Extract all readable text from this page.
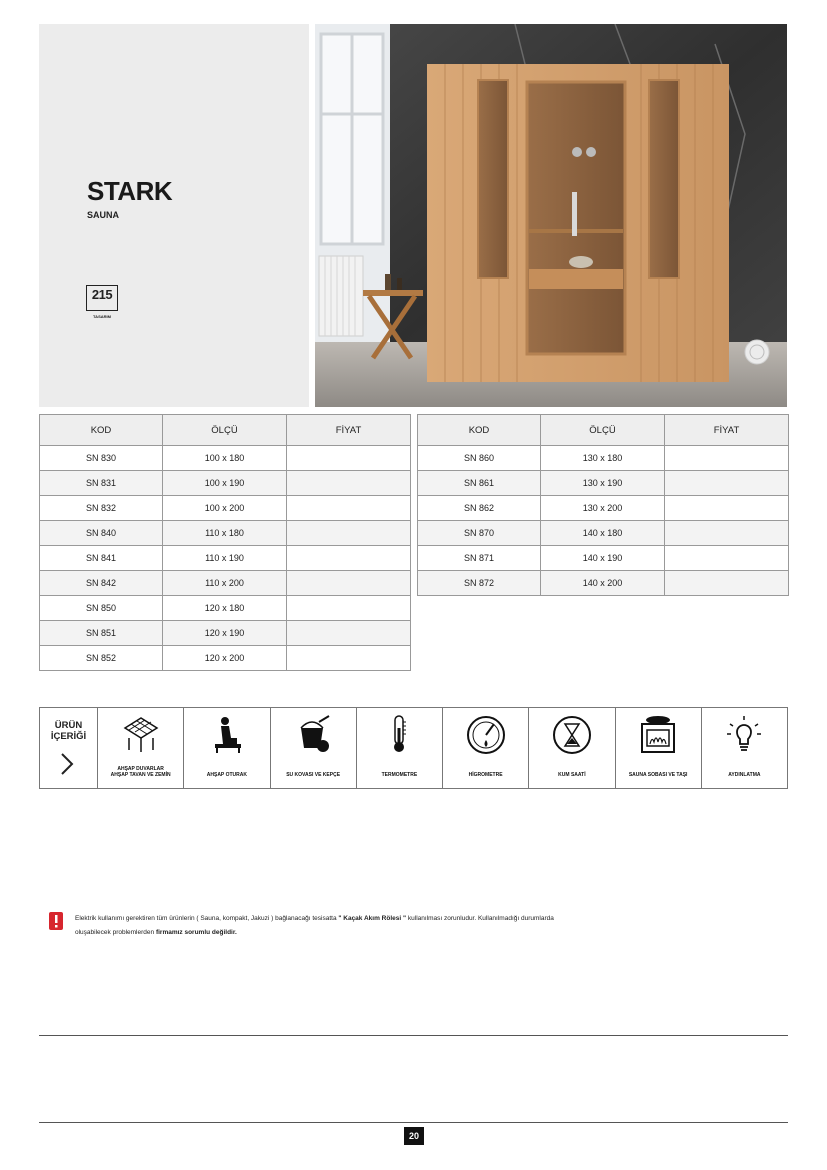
STARK
SAUNA
215
TASARIM
KOD	ÖLÇÜ	FİYAT
SN 830	100 x 180	
SN 831	100 x 190	
SN 832	100 x 200	
SN 840	110 x 180	
SN 841	110 x 190	
SN 842	110 x 200	
SN 850	120 x 180	
SN 851	120 x 190	
SN 852	120 x 200	
KOD	ÖLÇÜ	FİYAT
SN 860	130 x 180	
SN 861	130 x 190	
SN 862	130 x 200	
SN 870	140 x 180	
SN 871	140 x 190	
SN 872	140 x 200	
ÜRÜN
İÇERİĞİ
AHŞAP DUVARLAR
AHŞAP TAVAN VE ZEMİN	AHŞAP OTURAK	SU KOVASI VE KEPÇE	TERMOMETRE	HİGROMETRE	KUM SAATİ	SAUNA SOBASI VE TAŞI	AYDINLATMA

Elektrik kullanımı gerektiren tüm ürünlerin ( Sauna, kompakt, Jakuzi ) bağlanacağı tesisatta " Kaçak Akım Rölesi " kullanılması zorunludur. Kullanılmadığı durumlarda
oluşabilecek problemlerden firmamız sorumlu değildir.

20
